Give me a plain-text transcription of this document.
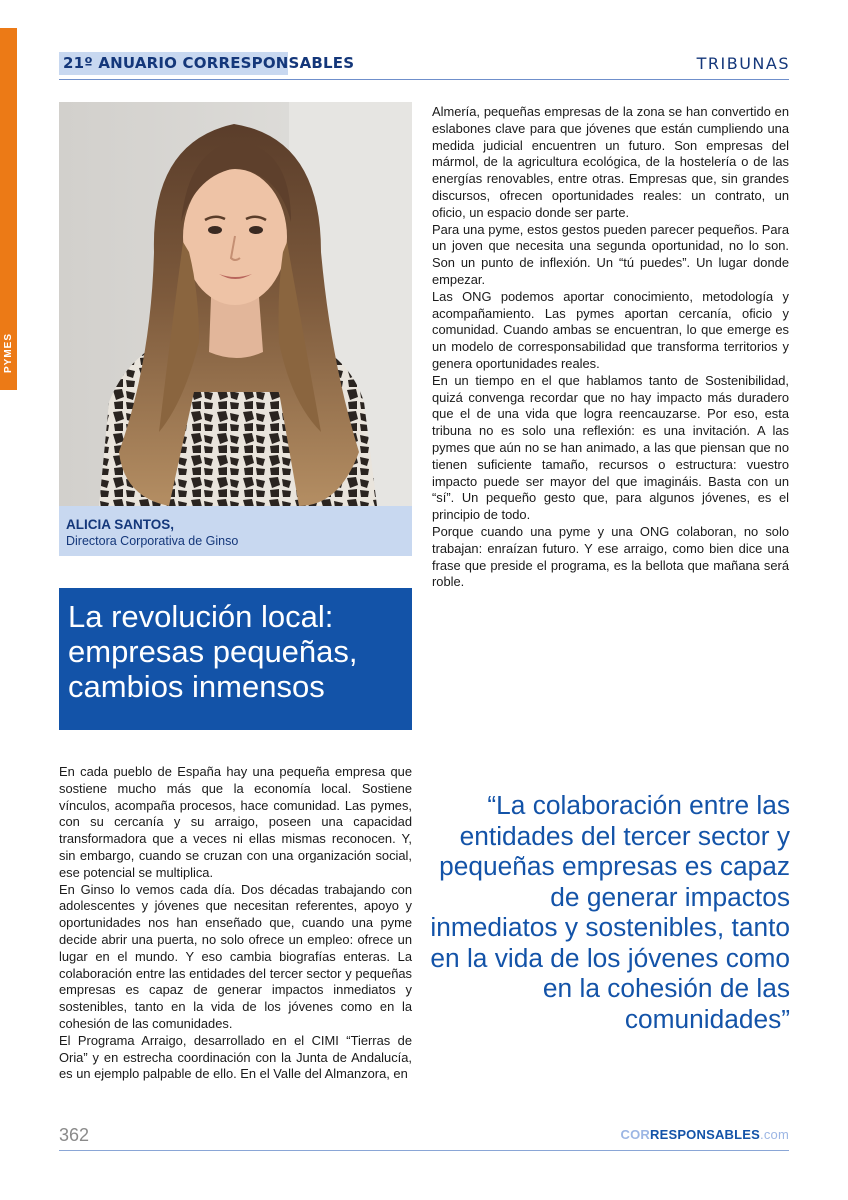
PYMES
21º ANUARIO CORRESPONSABLES	TRIBUNAS
ALICIA SANTOS,
Directora Corporativa de Ginso
La revolución local: empresas pequeñas, cambios inmensos

Almería, pequeñas empresas de la zona se han convertido en eslabones clave para que jóvenes que están cumpliendo una medida judicial encuentren un futuro. Son empresas del mármol, de la agricultura ecológica, de la hostelería o de las energías renovables, entre otras. Empresas que, sin grandes discursos, ofrecen oportunidades reales: un contrato, un oficio, un espacio donde ser parte.

Para una pyme, estos gestos pueden parecer pequeños. Para un joven que necesita una segunda oportunidad, no lo son. Son un punto de inflexión. Un “tú puedes”. Un lugar donde empezar.

Las ONG podemos aportar conocimiento, metodología y acompañamiento. Las pymes aportan cercanía, oficio y comunidad. Cuando ambas se encuentran, lo que emerge es un modelo de corresponsabilidad que transforma territorios y genera oportunidades reales.

En un tiempo en el que hablamos tanto de Sostenibilidad, quizá convenga recordar que no hay impacto más duradero que el de una vida que logra reencauzarse. Por eso, esta tribuna no es solo una reflexión: es una invitación. A las pymes que aún no se han animado, a las que piensan que no tienen suficiente tamaño, recursos o estructura: vuestro impacto puede ser mayor del que imagináis. Basta con un “sí”. Un pequeño gesto que, para algunos jóvenes, es el principio de todo.

Porque cuando una pyme y una ONG colaboran, no solo trabajan: enraízan futuro. Y ese arraigo, como bien dice una frase que preside el programa, es la bellota que mañana será roble.

En cada pueblo de España hay una pequeña empresa que sostiene mucho más que la economía local. Sostiene vínculos, acompaña procesos, hace comunidad. Las pymes, con su cercanía y su arraigo, poseen una capacidad transformadora que a veces ni ellas mismas reconocen. Y, sin embargo, cuando se cruzan con una organización social, ese potencial se multiplica.

En Ginso lo vemos cada día. Dos décadas trabajando con adolescentes y jóvenes que necesitan referentes, apoyo y oportunidades nos han enseñado que, cuando una pyme decide abrir una puerta, no solo ofrece un empleo: ofrece un lugar en el mundo. Y eso cambia biografías enteras. La colaboración entre las entidades del tercer sector y pequeñas empresas es capaz de generar impactos inmediatos y sostenibles, tanto en la vida de los jóvenes como en la cohesión de las comunidades.

El Programa Arraigo, desarrollado en el CIMI “Tierras de Oria” y en estrecha coordinación con la Junta de Andalucía, es un ejemplo palpable de ello. En el Valle del Almanzora, en

“La colaboración entre las entidades del tercer sector y pequeñas empresas es capaz de generar impactos inmediatos y sostenibles, tanto en la vida de los jóvenes como en la cohesión de las comunidades”
362	CORRESPONSABLES.com
